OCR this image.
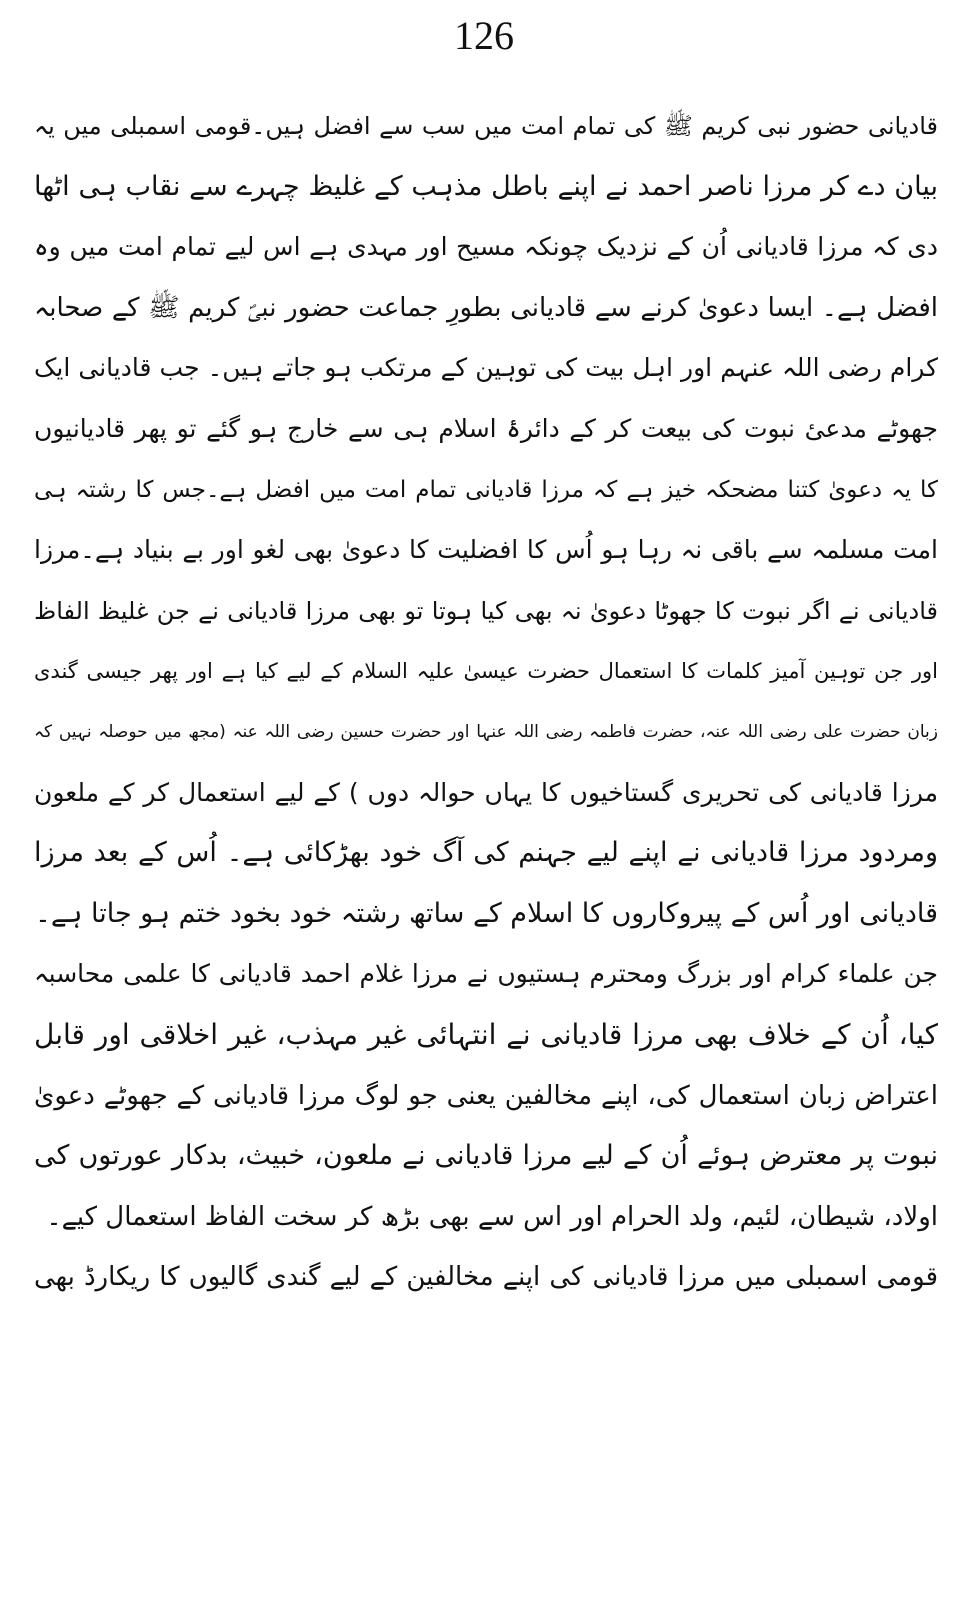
126
قادیانی حضور نبی کریم ﷺ کی تمام امت میں سب سے افضل ہیں۔قومی اسمبلی میں یہ
بیان دے کر مرزا ناصر احمد نے اپنے باطل مذہب کے غلیظ چہرے سے نقاب ہی اٹھا
دی کہ مرزا قادیانی اُن کے نزدیک چونکہ مسیح اور مہدی ہے اس لیے تمام امت میں وہ
افضل ہے۔ ایسا دعویٰ کرنے سے قادیانی بطورِ جماعت حضور نبیؐ کریم ﷺ کے صحابہ
کرام رضی اللہ عنہم اور اہل بیت کی توہین کے مرتکب ہو جاتے ہیں۔ جب قادیانی ایک
جھوٹے مدعیٔ نبوت کی بیعت کر کے دائرۂ اسلام ہی سے خارج ہو گئے تو پھر قادیانیوں
کا یہ دعویٰ کتنا مضحکہ خیز ہے کہ مرزا قادیانی تمام امت میں افضل ہے۔جس کا رشتہ ہی
امت مسلمہ سے باقی نہ رہا ہو اُس کا افضلیت کا دعویٰ بھی لغو اور بے بنیاد ہے۔مرزا
قادیانی نے اگر نبوت کا جھوٹا دعویٰ نہ بھی کیا ہوتا تو بھی مرزا قادیانی نے جن غلیظ الفاظ
اور جن توہین آمیز کلمات کا استعمال حضرت عیسیٰ علیہ السلام کے لیے کیا ہے اور پھر جیسی گندی
زبان حضرت علی رضی اللہ عنہ، حضرت فاطمہ رضی اللہ عنہا اور حضرت حسین رضی اللہ عنہ (مجھ میں حوصلہ نہیں کہ
مرزا قادیانی کی تحریری گستاخیوں کا یہاں حوالہ دوں ) کے لیے استعمال کر کے ملعون
ومردود مرزا قادیانی نے اپنے لیے جہنم کی آگ خود بھڑکائی ہے۔ اُس کے بعد مرزا
قادیانی اور اُس کے پیروکاروں کا اسلام کے ساتھ رشتہ خود بخود ختم ہو جاتا ہے۔
جن علماء کرام اور بزرگ ومحترم ہستیوں نے مرزا غلام احمد قادیانی کا علمی محاسبہ
کیا، اُن کے خلاف بھی مرزا قادیانی نے انتہائی غیر مہذب، غیر اخلاقی اور قابل
اعتراض زبان استعمال کی، اپنے مخالفین یعنی جو لوگ مرزا قادیانی کے جھوٹے دعویٰ
نبوت پر معترض ہوئے اُن کے لیے مرزا قادیانی نے ملعون، خبیث، بدکار عورتوں کی
اولاد، شیطان، لئیم، ولد الحرام اور اس سے بھی بڑھ کر سخت الفاظ استعمال کیے۔
قومی اسمبلی میں مرزا قادیانی کی اپنے مخالفین کے لیے گندی گالیوں کا ریکارڈ بھی
